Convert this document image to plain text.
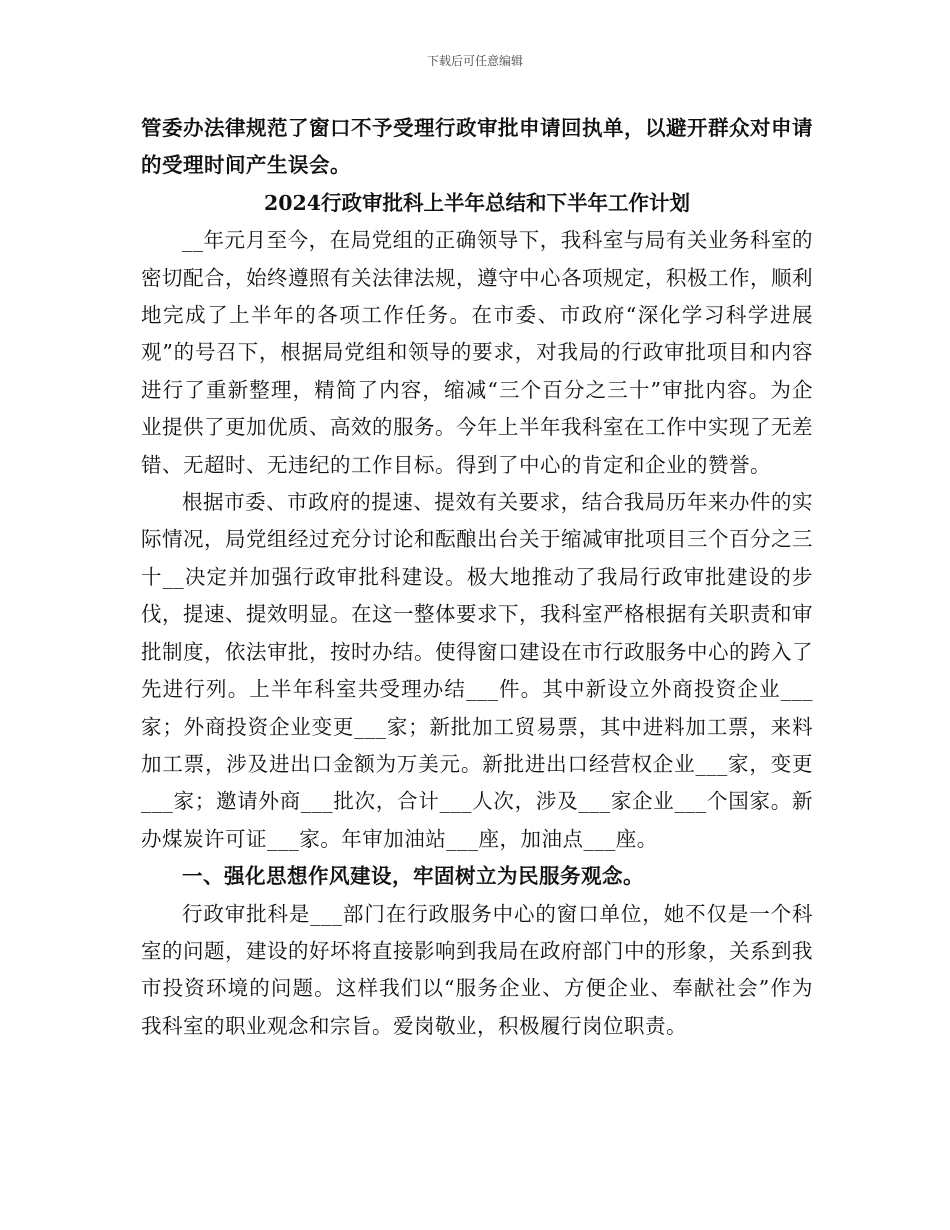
下载后可任意编辑

管委办法律规范了窗口不予受理行政审批申请回执单，以避开群众对申请的受理时间产生误会。

2024行政审批科上半年总结和下半年工作计划

__年元月至今，在局党组的正确领导下，我科室与局有关业务科室的密切配合，始终遵照有关法律法规，遵守中心各项规定，积极工作，顺利地完成了上半年的各项工作任务。在市委、市政府“深化学习科学进展观”的号召下，根据局党组和领导的要求，对我局的行政审批项目和内容进行了重新整理，精简了内容，缩减“三个百分之三十”审批内容。为企业提供了更加优质、高效的服务。今年上半年我科室在工作中实现了无差错、无超时、无违纪的工作目标。得到了中心的肯定和企业的赞誉。

根据市委、市政府的提速、提效有关要求，结合我局历年来办件的实际情况，局党组经过充分讨论和酝酿出台关于缩减审批项目三个百分之三十__决定并加强行政审批科建设。极大地推动了我局行政审批建设的步伐，提速、提效明显。在这一整体要求下，我科室严格根据有关职责和审批制度，依法审批，按时办结。使得窗口建设在市行政服务中心的跨入了先进行列。上半年科室共受理办结___件。其中新设立外商投资企业___家；外商投资企业变更___家；新批加工贸易票，其中进料加工票，来料加工票，涉及进出口金额为万美元。新批进出口经营权企业___家，变更___家；邀请外商___批次，合计___人次，涉及___家企业___个国家。新办煤炭许可证___家。年审加油站___座，加油点___座。

一、强化思想作风建设，牢固树立为民服务观念。

行政审批科是___部门在行政服务中心的窗口单位，她不仅是一个科室的问题，建设的好坏将直接影响到我局在政府部门中的形象，关系到我市投资环境的问题。这样我们以“服务企业、方便企业、奉献社会”作为我科室的职业观念和宗旨。爱岗敬业，积极履行岗位职责。
